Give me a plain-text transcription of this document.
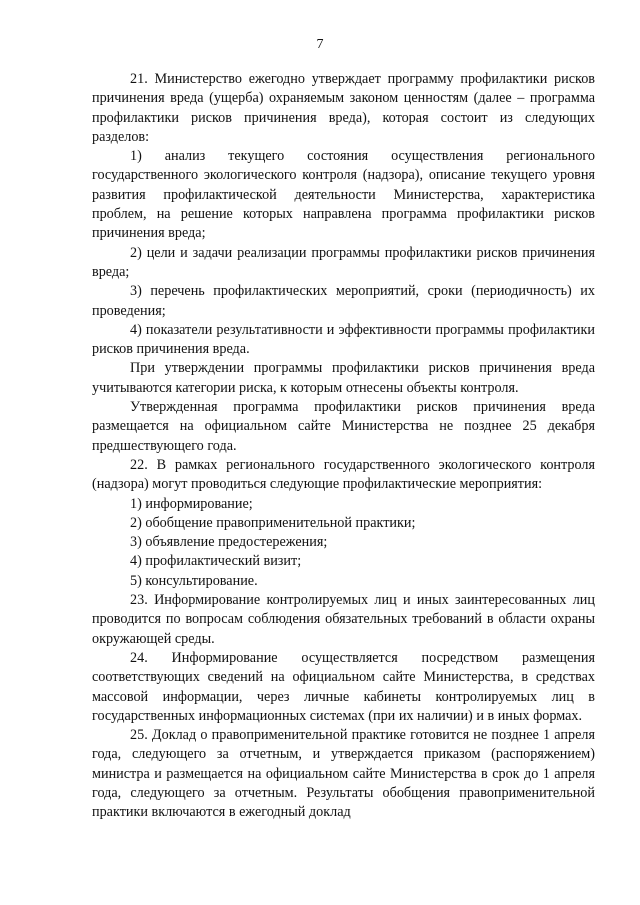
7

21. Министерство ежегодно утверждает программу профилактики рисков причинения вреда (ущерба) охраняемым законом ценностям (далее – программа профилактики рисков причинения вреда), которая состоит из следующих разделов:

1) анализ текущего состояния осуществления регионального государственного экологического контроля (надзора), описание текущего уровня развития профилактической деятельности Министерства, характеристика проблем, на решение которых направлена программа профилактики рисков причинения вреда;

2) цели и задачи реализации программы профилактики рисков причинения вреда;

3) перечень профилактических мероприятий, сроки (периодичность) их проведения;

4) показатели результативности и эффективности программы профилактики рисков причинения вреда.

При утверждении программы профилактики рисков причинения вреда учитываются категории риска, к которым отнесены объекты контроля.

Утвержденная программа профилактики рисков причинения вреда размещается на официальном сайте Министерства не позднее 25 декабря предшествующего года.

22. В рамках регионального государственного экологического контроля (надзора) могут проводиться следующие профилактические мероприятия:

1) информирование;

2) обобщение правоприменительной практики;

3) объявление предостережения;

4) профилактический визит;

5) консультирование.

23. Информирование контролируемых лиц и иных заинтересованных лиц проводится по вопросам соблюдения обязательных требований в области охраны окружающей среды.

24. Информирование осуществляется посредством размещения соответствующих сведений на официальном сайте Министерства, в средствах массовой информации, через личные кабинеты контролируемых лиц в государственных информационных системах (при их наличии) и в иных формах.

25. Доклад о правоприменительной практике готовится не позднее 1 апреля года, следующего за отчетным, и утверждается приказом (распоряжением) министра и размещается на официальном сайте Министерства в срок до 1 апреля года, следующего за отчетным. Результаты обобщения правоприменительной практики включаются в ежегодный доклад
